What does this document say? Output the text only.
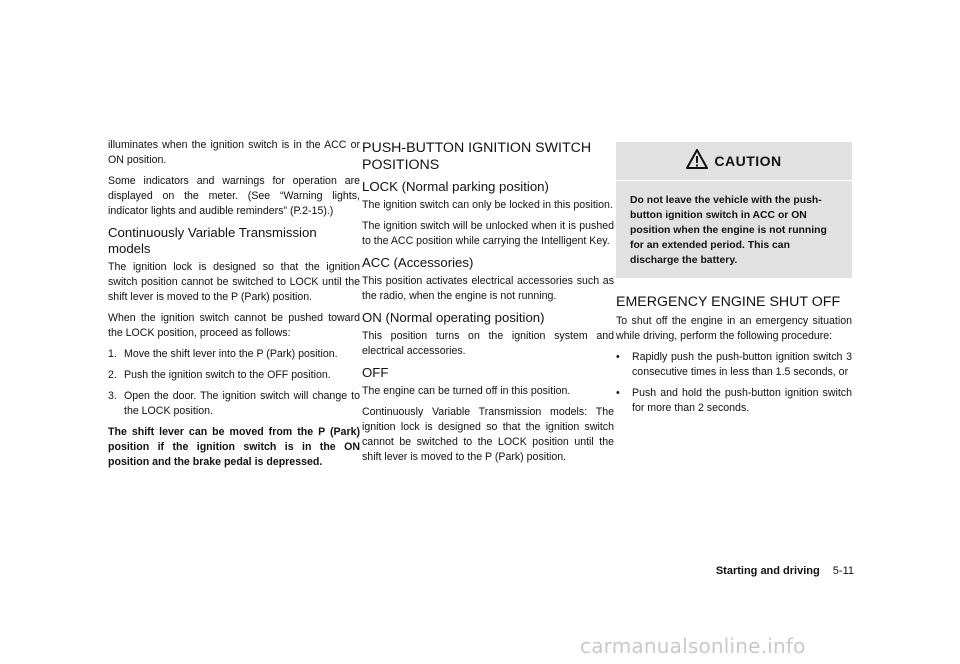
illuminates when the ignition switch is in the ACC or ON position.

Some indicators and warnings for operation are displayed on the meter. (See “Warning lights, indicator lights and audible reminders” (P.2-15).)

Continuously Variable Transmission models

The ignition lock is designed so that the ignition switch position cannot be switched to LOCK until the shift lever is moved to the P (Park) position.

When the ignition switch cannot be pushed toward the LOCK position, proceed as follows:

1. Move the shift lever into the P (Park) position.
2. Push the ignition switch to the OFF position.
3. Open the door. The ignition switch will change to the LOCK position.

The shift lever can be moved from the P (Park) position if the ignition switch is in the ON position and the brake pedal is depressed.

PUSH-BUTTON IGNITION SWITCH POSITIONS
LOCK (Normal parking position)

The ignition switch can only be locked in this position.

The ignition switch will be unlocked when it is pushed to the ACC position while carrying the Intelligent Key.

ACC (Accessories)

This position activates electrical accessories such as the radio, when the engine is not running.

ON (Normal operating position)

This position turns on the ignition system and electrical accessories.

OFF

The engine can be turned off in this position.

Continuously Variable Transmission models: The ignition lock is designed so that the ignition switch cannot be switched to the LOCK position until the shift lever is moved to the P (Park) position.

CAUTION
Do not leave the vehicle with the push-button ignition switch in ACC or ON position when the engine is not running for an extended period. This can discharge the battery.
EMERGENCY ENGINE SHUT OFF

To shut off the engine in an emergency situation while driving, perform the following procedure:

• Rapidly push the push-button ignition switch 3 consecutive times in less than 1.5 seconds, or
• Push and hold the push-button ignition switch for more than 2 seconds.
Starting and driving 5-11
carmanualsonline.info
